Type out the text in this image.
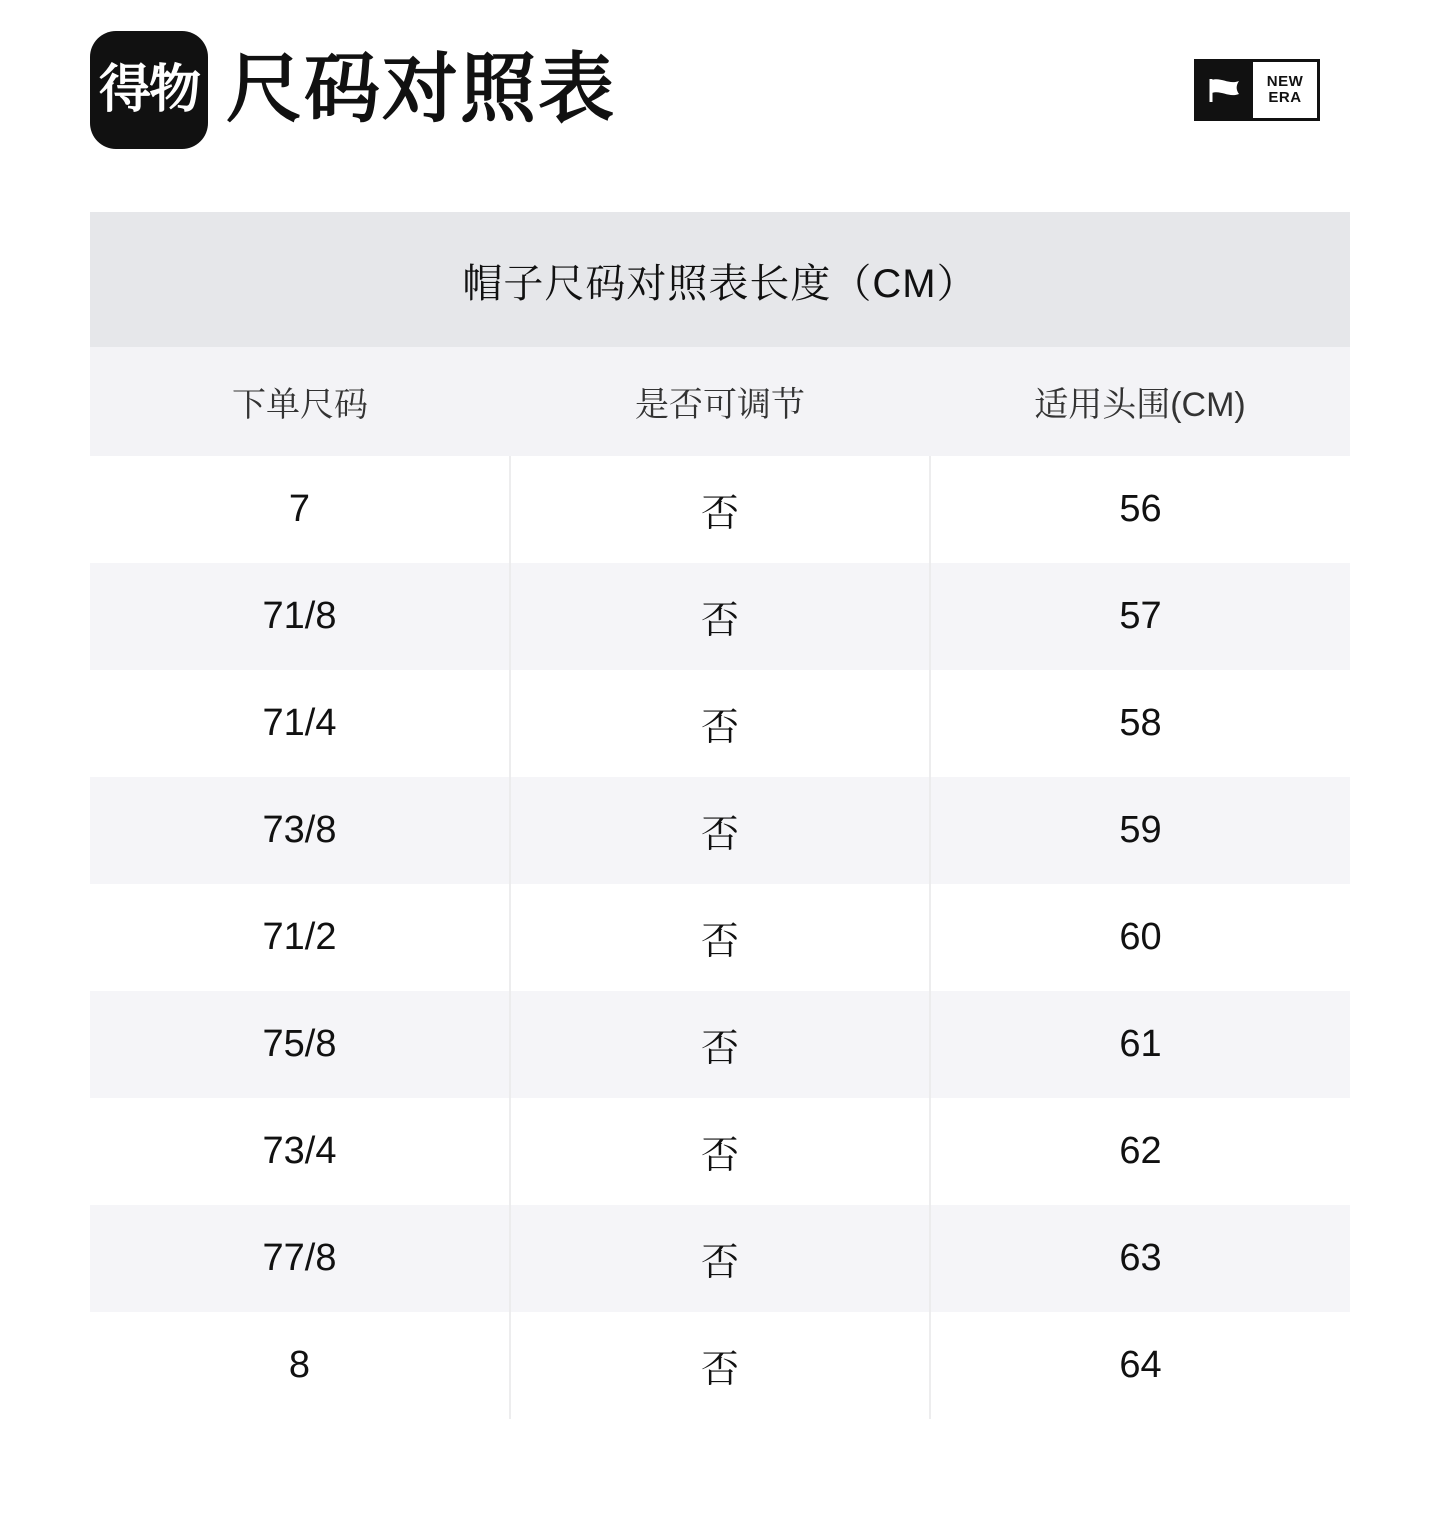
得物 尺码对照表	NEW
ERA
帽子尺码对照表长度（CM）
下单尺码	是否可调节	适用头围(CM)
7	否	56
71/8	否	57
71/4	否	58
73/8	否	59
71/2	否	60
75/8	否	61
73/4	否	62
77/8	否	63
8	否	64
